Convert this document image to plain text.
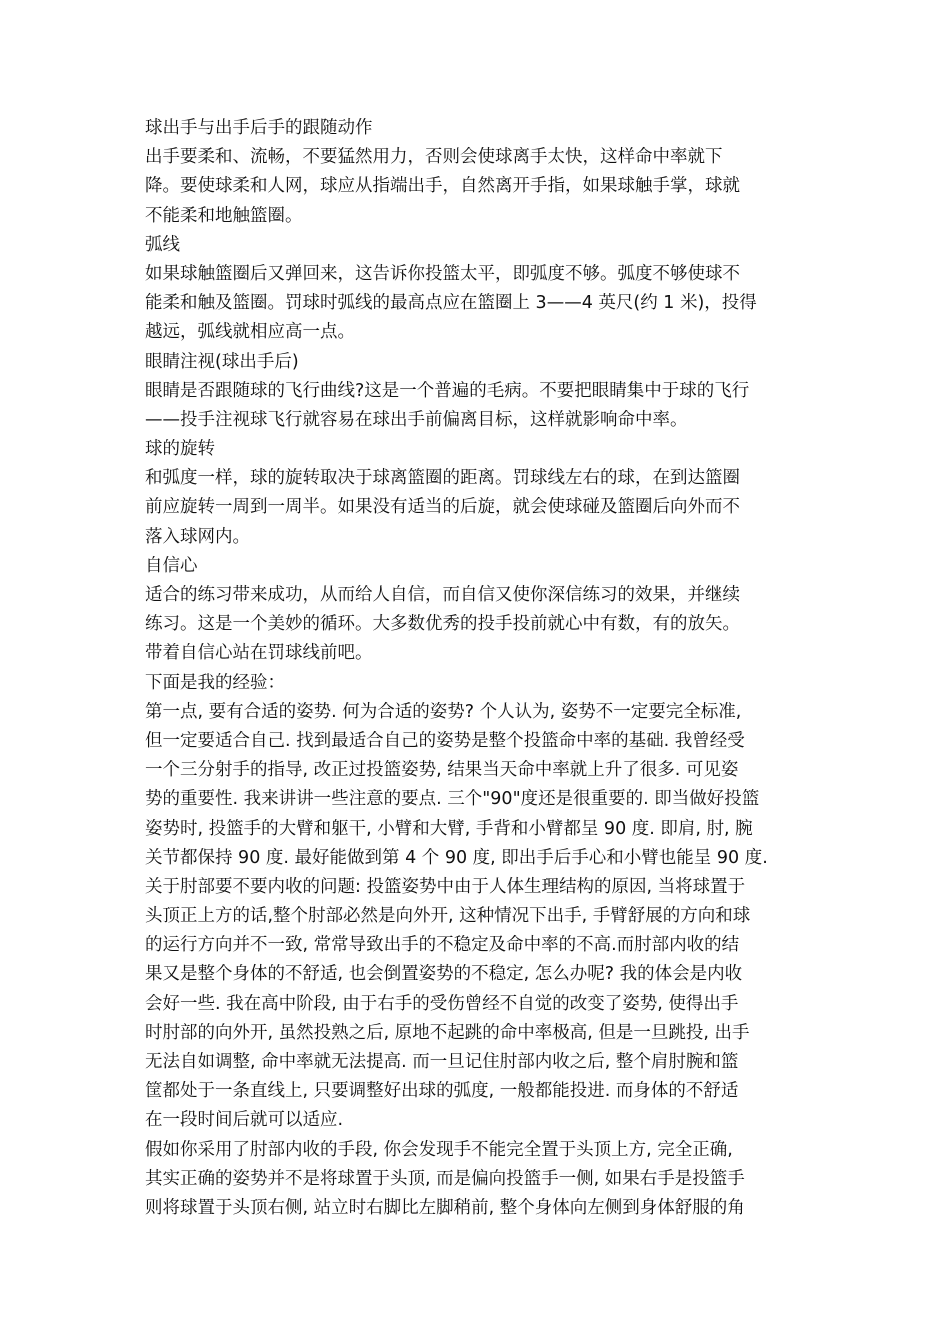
球出手与出手后手的跟随动作
出手要柔和、流畅，不要猛然用力，否则会使球离手太快，这样命中率就下
降。要使球柔和人网，球应从指端出手，自然离开手指，如果球触手掌，球就
不能柔和地触篮圈。
弧线
如果球触篮圈后又弹回来，这告诉你投篮太平，即弧度不够。弧度不够使球不
能柔和触及篮圈。罚球时弧线的最高点应在篮圈上 3——4 英尺(约 1 米)，投得
越远，弧线就相应高一点。
眼睛注视(球出手后)
眼睛是否跟随球的飞行曲线?这是一个普遍的毛病。不要把眼睛集中于球的飞行
——投手注视球飞行就容易在球出手前偏离目标，这样就影响命中率。
球的旋转
和弧度一样，球的旋转取决于球离篮圈的距离。罚球线左右的球，在到达篮圈
前应旋转一周到一周半。如果没有适当的后旋，就会使球碰及篮圈后向外而不
落入球网内。
自信心
适合的练习带来成功，从而给人自信，而自信又使你深信练习的效果，并继续
练习。这是一个美妙的循环。大多数优秀的投手投前就心中有数，有的放矢。
带着自信心站在罚球线前吧。
下面是我的经验：
第一点, 要有合适的姿势. 何为合适的姿势? 个人认为, 姿势不一定要完全标准,
但一定要适合自己. 找到最适合自己的姿势是整个投篮命中率的基础. 我曾经受
一个三分射手的指导, 改正过投篮姿势, 结果当天命中率就上升了很多. 可见姿
势的重要性. 我来讲讲一些注意的要点. 三个"90"度还是很重要的. 即当做好投篮
姿势时, 投篮手的大臂和躯干, 小臂和大臂, 手背和小臂都呈 90 度. 即肩, 肘, 腕
关节都保持 90 度. 最好能做到第 4 个 90 度, 即出手后手心和小臂也能呈 90 度.
关于肘部要不要内收的问题: 投篮姿势中由于人体生理结构的原因, 当将球置于
头顶正上方的话,整个肘部必然是向外开, 这种情况下出手, 手臂舒展的方向和球
的运行方向并不一致, 常常导致出手的不稳定及命中率的不高.而肘部内收的结
果又是整个身体的不舒适, 也会倒置姿势的不稳定, 怎么办呢? 我的体会是内收
会好一些. 我在高中阶段, 由于右手的受伤曾经不自觉的改变了姿势, 使得出手
时肘部的向外开, 虽然投熟之后, 原地不起跳的命中率极高, 但是一旦跳投, 出手
无法自如调整, 命中率就无法提高. 而一旦记住肘部内收之后, 整个肩肘腕和篮
筐都处于一条直线上, 只要调整好出球的弧度, 一般都能投进. 而身体的不舒适
在一段时间后就可以适应.
假如你采用了肘部内收的手段, 你会发现手不能完全置于头顶上方, 完全正确,
其实正确的姿势并不是将球置于头顶, 而是偏向投篮手一侧, 如果右手是投篮手
则将球置于头顶右侧, 站立时右脚比左脚稍前, 整个身体向左侧到身体舒服的角
